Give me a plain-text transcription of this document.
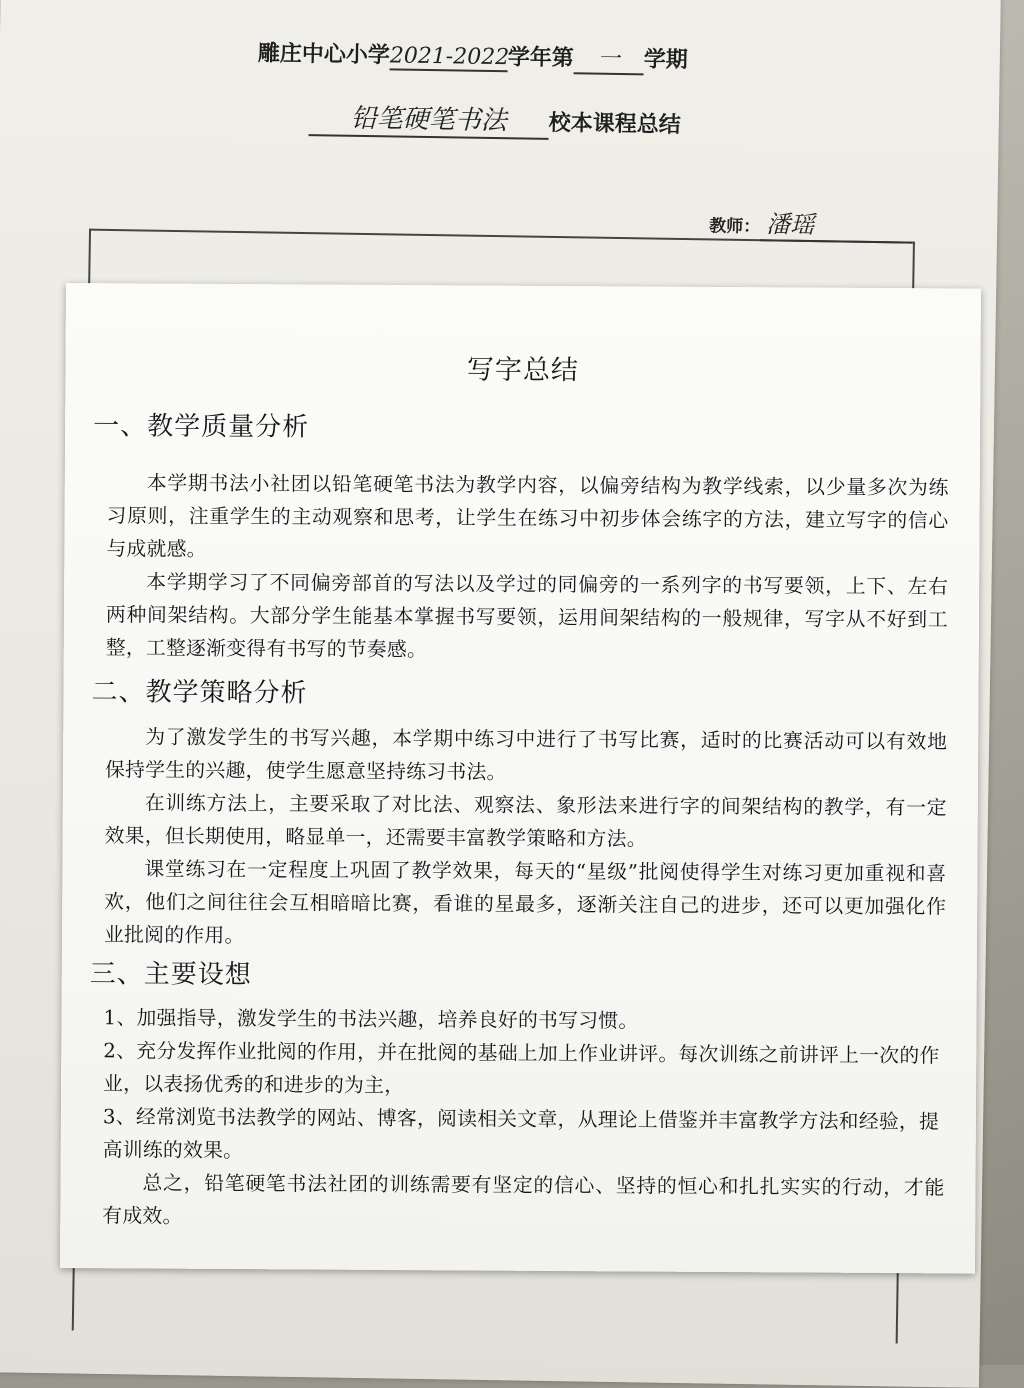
雕庄中心小学2021-2022学年第 一 学期
铅笔硬笔书法 校本课程总结
教师： 潘瑶
写字总结
一、教学质量分析
本学期书法小社团以铅笔硬笔书法为教学内容，以偏旁结构为教学线索，以少量多次为练习原则，注重学生的主动观察和思考，让学生在练习中初步体会练字的方法，建立写字的信心与成就感。
本学期学习了不同偏旁部首的写法以及学过的同偏旁的一系列字的书写要领，上下、左右两种间架结构。大部分学生能基本掌握书写要领，运用间架结构的一般规律，写字从不好到工整，工整逐渐变得有书写的节奏感。
二、教学策略分析
为了激发学生的书写兴趣，本学期中练习中进行了书写比赛，适时的比赛活动可以有效地保持学生的兴趣，使学生愿意坚持练习书法。
在训练方法上，主要采取了对比法、观察法、象形法来进行字的间架结构的教学，有一定效果，但长期使用，略显单一，还需要丰富教学策略和方法。
课堂练习在一定程度上巩固了教学效果，每天的“星级”批阅使得学生对练习更加重视和喜欢，他们之间往往会互相暗暗比赛，看谁的星最多，逐渐关注自己的进步，还可以更加强化作业批阅的作用。
三、主要设想
1、加强指导，激发学生的书法兴趣，培养良好的书写习惯。
2、充分发挥作业批阅的作用，并在批阅的基础上加上作业讲评。每次训练之前讲评上一次的作业，以表扬优秀的和进步的为主，
3、经常浏览书法教学的网站、博客，阅读相关文章，从理论上借鉴并丰富教学方法和经验，提高训练的效果。
总之，铅笔硬笔书法社团的训练需要有坚定的信心、坚持的恒心和扎扎实实的行动，才能有成效。
